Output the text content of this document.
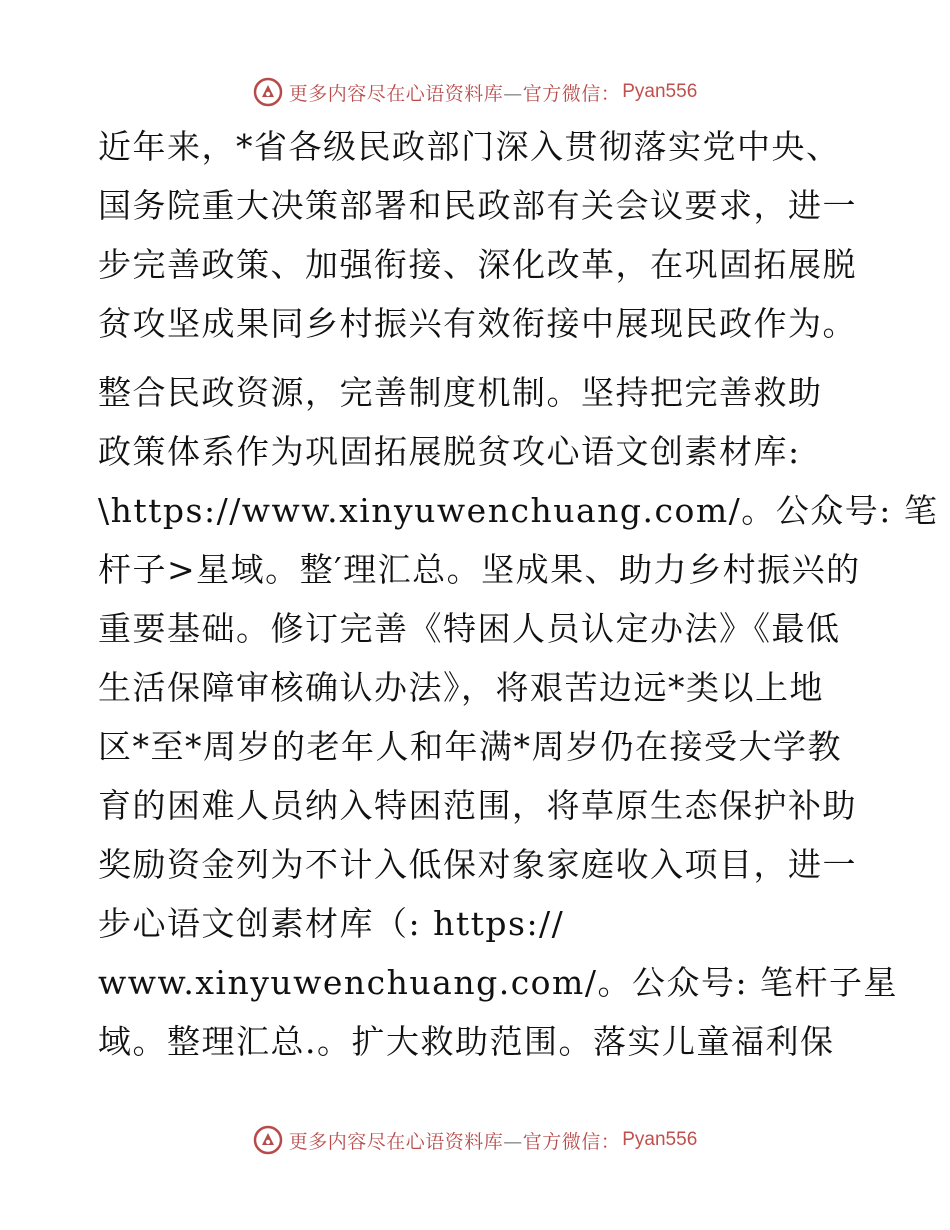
更多内容尽在心语资料库—官方微信： Pyan556

近年来，*省各级民政部门深入贯彻落实党中央、
国务院重大决策部署和民政部有关会议要求，进一
步完善政策、加强衔接、深化改革，在巩固拓展脱
贫攻坚成果同乡村振兴有效衔接中展现民政作为。

整合民政资源，完善制度机制。坚持把完善救助
政策体系作为巩固拓展脱贫攻心语文创素材库:
\https://www.xinyuwenchuang.com/。公众号: 笔
杆子>星域。整′理汇总。坚成果、助力乡村振兴的
重要基础。修订完善《特困人员认定办法》《最低
生活保障审核确认办法》，将艰苦边远*类以上地
区*至*周岁的老年人和年满*周岁仍在接受大学教
育的困难人员纳入特困范围，将草原生态保护补助
奖励资金列为不计入低保对象家庭收入项目，进一
步心语文创素材库（: https://
www.xinyuwenchuang.com/。公众号: 笔杆子星
域。整理汇总.。扩大救助范围。落实儿童福利保

更多内容尽在心语资料库—官方微信： Pyan556
